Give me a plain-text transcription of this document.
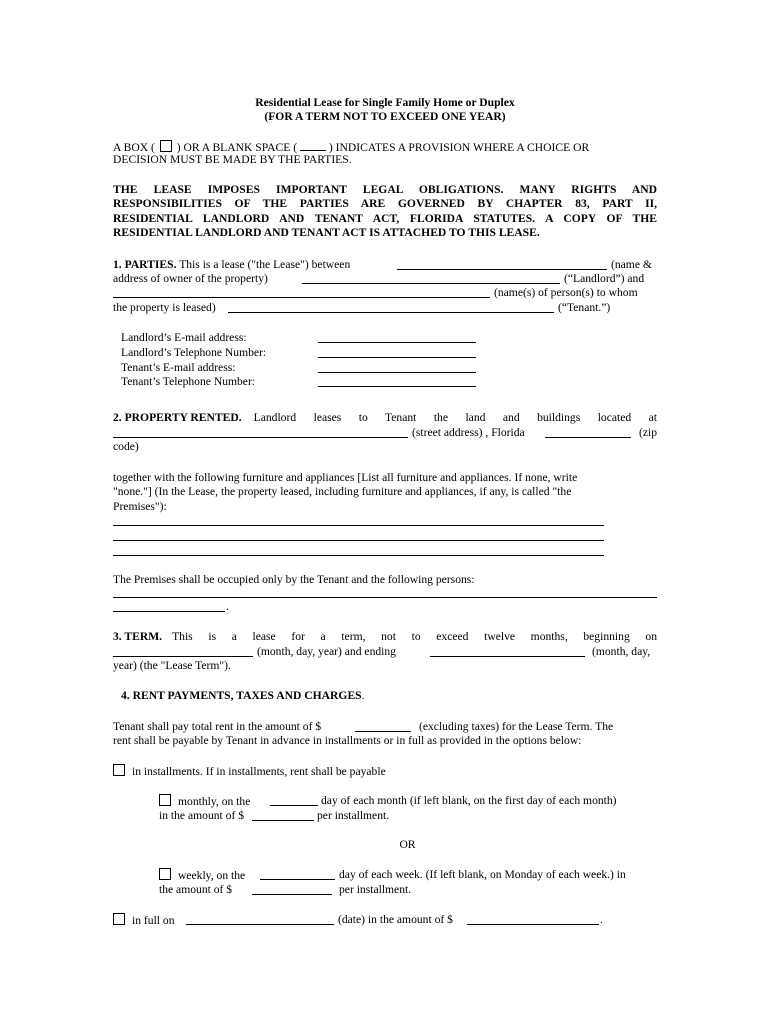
Residential Lease for Single Family Home or Duplex
(FOR A TERM NOT TO EXCEED ONE YEAR)
A BOX ( ) OR A BLANK SPACE (	) INDICATES A PROVISION WHERE A CHOICE OR
DECISION MUST BE MADE BY THE PARTIES.
THE LEASE IMPOSES IMPORTANT LEGAL OBLIGATIONS. MANY RIGHTS AND
RESPONSIBILITIES OF THE PARTIES ARE GOVERNED BY CHAPTER 83, PART II,
RESIDENTIAL LANDLORD AND TENANT ACT, FLORIDA STATUTES. A COPY OF THE
RESIDENTIAL LANDLORD AND TENANT ACT IS ATTACHED TO THIS LEASE.
1. PARTIES. This is a lease ("the Lease") between	(name &
address of owner of the property)	(“Landlord”) and
(name(s) of person(s) to whom
the property is leased)	(“Tenant.”)
Landlord’s E-mail address:
Landlord’s Telephone Number:
Tenant’s E-mail address:
Tenant’s Telephone Number:
2. PROPERTY RENTED. Landlord leases to Tenant the land and buildings located at
(street address) , Florida	(zip
code)
together with the following furniture and appliances [List all furniture and appliances. If none, write
"none."] (In the Lease, the property leased, including furniture and appliances, if any, is called "the
Premises"):
The Premises shall be occupied only by the Tenant and the following persons:
.
3. TERM. This is a lease for a term, not to exceed twelve months, beginning on
(month, day, year) and ending	(month, day,
year) (the "Lease Term").
4. RENT PAYMENTS, TAXES AND CHARGES.
Tenant shall pay total rent in the amount of $	(excluding taxes) for the Lease Term. The
rent shall be payable by Tenant in advance in installments or in full as provided in the options below:
in installments. If in installments, rent shall be payable
monthly, on the	day of each month (if left blank, on the first day of each month)
in the amount of $	per installment.
OR
weekly, on the	day of each week. (If left blank, on Monday of each week.) in
the amount of $	per installment.
in full on	(date) in the amount of $	.
